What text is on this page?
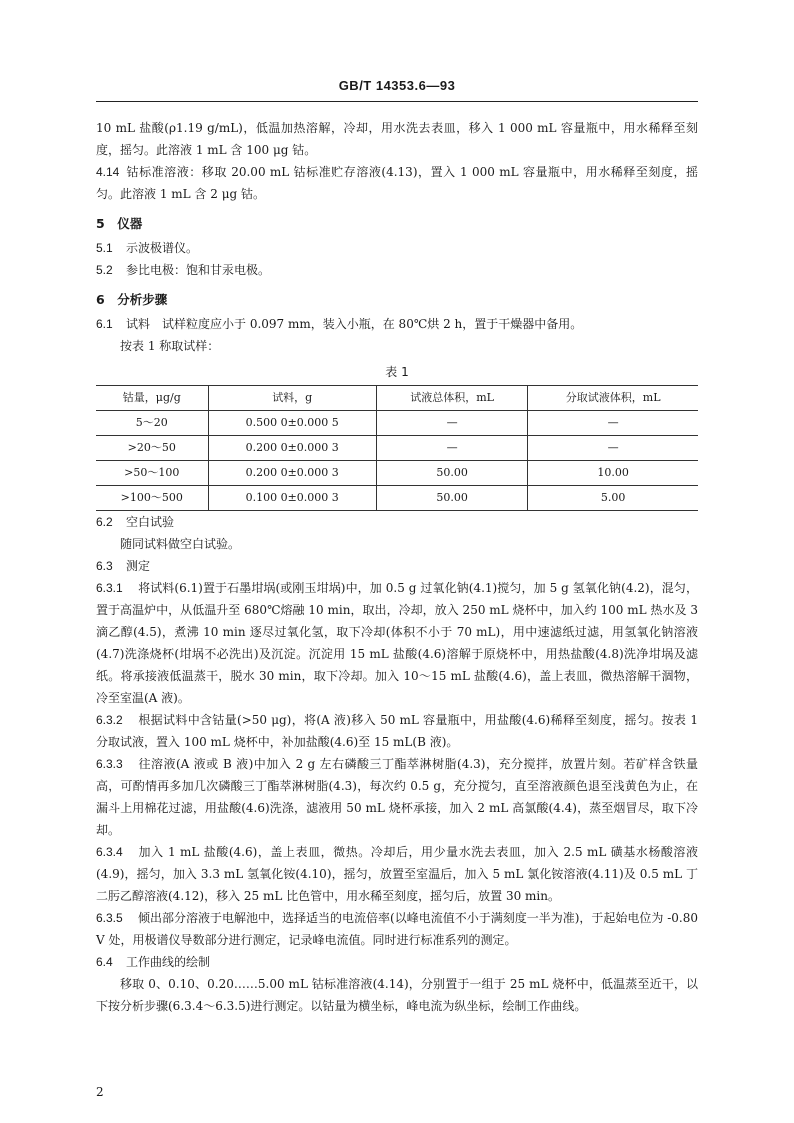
GB/T 14353.6—93

10 mL 盐酸(ρ1.19 g/mL)，低温加热溶解，冷却，用水洗去表皿，移入 1 000 mL 容量瓶中，用水稀释至刻度，摇匀。此溶液 1 mL 含 100 μg 钴。

4.14 钴标准溶液：移取 20.00 mL 钴标准贮存溶液(4.13)，置入 1 000 mL 容量瓶中，用水稀释至刻度，摇匀。此溶液 1 mL 含 2 μg 钴。

5　仪器

5.1 示波极谱仪。

5.2 参比电极：饱和甘汞电极。

6　分析步骤

6.1 试料　试样粒度应小于 0.097 mm，装入小瓶，在 80℃烘 2 h，置于干燥器中备用。

按表 1 称取试样：

表 1
钴量，μg/g	试料，g	试液总体积，mL	分取试液体积，mL
5～20	0.500 0±0.000 5	—	—
>20～50	0.200 0±0.000 3	—	—
>50～100	0.200 0±0.000 3	50.00	10.00
>100～500	0.100 0±0.000 3	50.00	5.00

6.2 空白试验

随同试料做空白试验。

6.3 测定

6.3.1 将试料(6.1)置于石墨坩埚(或刚玉坩埚)中，加 0.5 g 过氧化钠(4.1)搅匀，加 5 g 氢氧化钠(4.2)，混匀，置于高温炉中，从低温升至 680℃熔融 10 min，取出，冷却，放入 250 mL 烧杯中，加入约 100 mL 热水及 3 滴乙醇(4.5)，煮沸 10 min 逐尽过氧化氢，取下冷却(体积不小于 70 mL)，用中速滤纸过滤，用氢氧化钠溶液(4.7)洗涤烧杯(坩埚不必洗出)及沉淀。沉淀用 15 mL 盐酸(4.6)溶解于原烧杯中，用热盐酸(4.8)洗净坩埚及滤纸。将承接液低温蒸干，脱水 30 min，取下冷却。加入 10～15 mL 盐酸(4.6)，盖上表皿，微热溶解干涸物，冷至室温(A 液)。

6.3.2 根据试料中含钴量(>50 μg)，将(A 液)移入 50 mL 容量瓶中，用盐酸(4.6)稀释至刻度，摇匀。按表 1 分取试液，置入 100 mL 烧杯中，补加盐酸(4.6)至 15 mL(B 液)。

6.3.3 往溶液(A 液或 B 液)中加入 2 g 左右磷酸三丁酯萃淋树脂(4.3)，充分搅拌，放置片刻。若矿样含铁量高，可酌情再多加几次磷酸三丁酯萃淋树脂(4.3)，每次约 0.5 g，充分搅匀，直至溶液颜色退至浅黄色为止，在漏斗上用棉花过滤，用盐酸(4.6)洗涤，滤液用 50 mL 烧杯承接，加入 2 mL 高氯酸(4.4)，蒸至烟冒尽，取下冷却。

6.3.4 加入 1 mL 盐酸(4.6)，盖上表皿，微热。冷却后，用少量水洗去表皿，加入 2.5 mL 磺基水杨酸溶液(4.9)，摇匀，加入 3.3 mL 氢氧化铵(4.10)，摇匀，放置至室温后，加入 5 mL 氯化铵溶液(4.11)及 0.5 mL 丁二肟乙醇溶液(4.12)，移入 25 mL 比色管中，用水稀至刻度，摇匀后，放置 30 min。

6.3.5 倾出部分溶液于电解池中，选择适当的电流倍率(以峰电流值不小于满刻度一半为准)，于起始电位为 -0.80 V 处，用极谱仪导数部分进行测定，记录峰电流值。同时进行标准系列的测定。

6.4 工作曲线的绘制

移取 0、0.10、0.20……5.00 mL 钴标准溶液(4.14)，分别置于一组于 25 mL 烧杯中，低温蒸至近干，以下按分析步骤(6.3.4～6.3.5)进行测定。以钴量为横坐标，峰电流为纵坐标，绘制工作曲线。

2
